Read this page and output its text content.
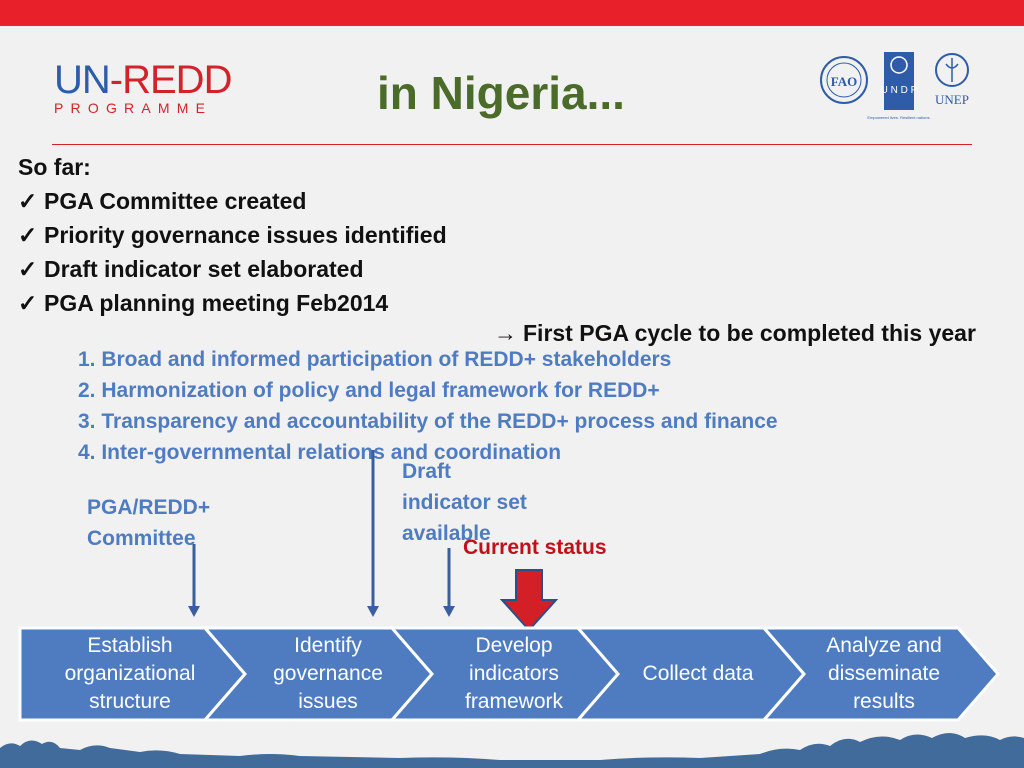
UN-REDD
PROGRAMME	in Nigeria...	FAO
U N D P
Empowered lives. Resilient nations.
UNEP
So far:
✓ PGA Committee created
✓ Priority governance issues identified
✓ Draft indicator set elaborated
✓ PGA planning meeting Feb2014
→ First PGA cycle to be completed this year
1. Broad and informed participation of REDD+ stakeholders
2. Harmonization of policy and legal framework for REDD+
3. Transparency and accountability of the REDD+ process and finance
4. Inter-governmental relations and coordination
PGA/REDD+
Committee
Draft
indicator set
available
Current status
Establish
organizational
structure
Identify
governance
issues
Develop
indicators
framework
Collect data
Analyze and
disseminate
results
